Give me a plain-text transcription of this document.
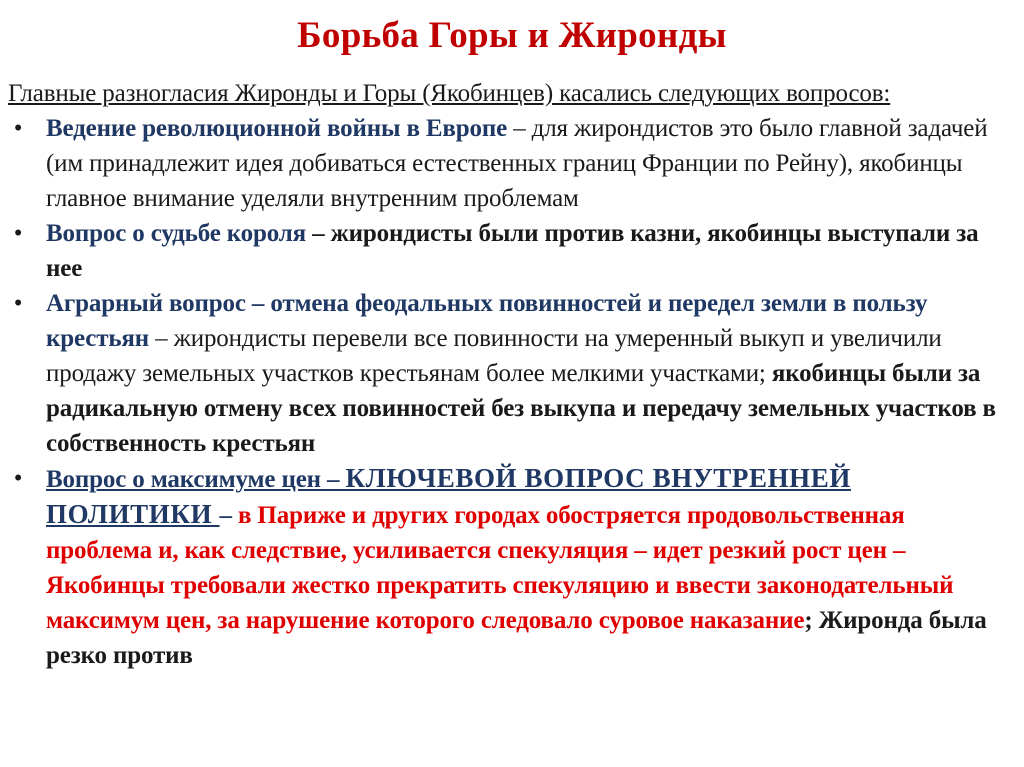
Борьба Горы и Жиронды

Главные разногласия Жиронды и Горы (Якобинцев) касались следующих вопросов:

• Ведение революционной войны в Европе – для жирондистов это было главной задачей (им принадлежит идея добиваться естественных границ Франции по Рейну), якобинцы главное внимание уделяли внутренним проблемам
• Вопрос о судьбе короля – жирондисты были против казни, якобинцы выступали за нее
• Аграрный вопрос – отмена феодальных повинностей и передел земли в пользу крестьян – жирондисты перевели все повинности на умеренный выкуп и увеличили продажу земельных участков крестьянам более мелкими участками; якобинцы были за радикальную отмену всех повинностей без выкупа и передачу земельных участков в собственность крестьян
• Вопрос о максимуме цен – КЛЮЧЕВОЙ ВОПРОС ВНУТРЕННЕЙ ПОЛИТИКИ – в Париже и других городах обостряется продовольственная проблема и, как следствие, усиливается спекуляция – идет резкий рост цен – Якобинцы требовали жестко прекратить спекуляцию и ввести законодательный максимум цен, за нарушение которого следовало суровое наказание; Жиронда была резко против
